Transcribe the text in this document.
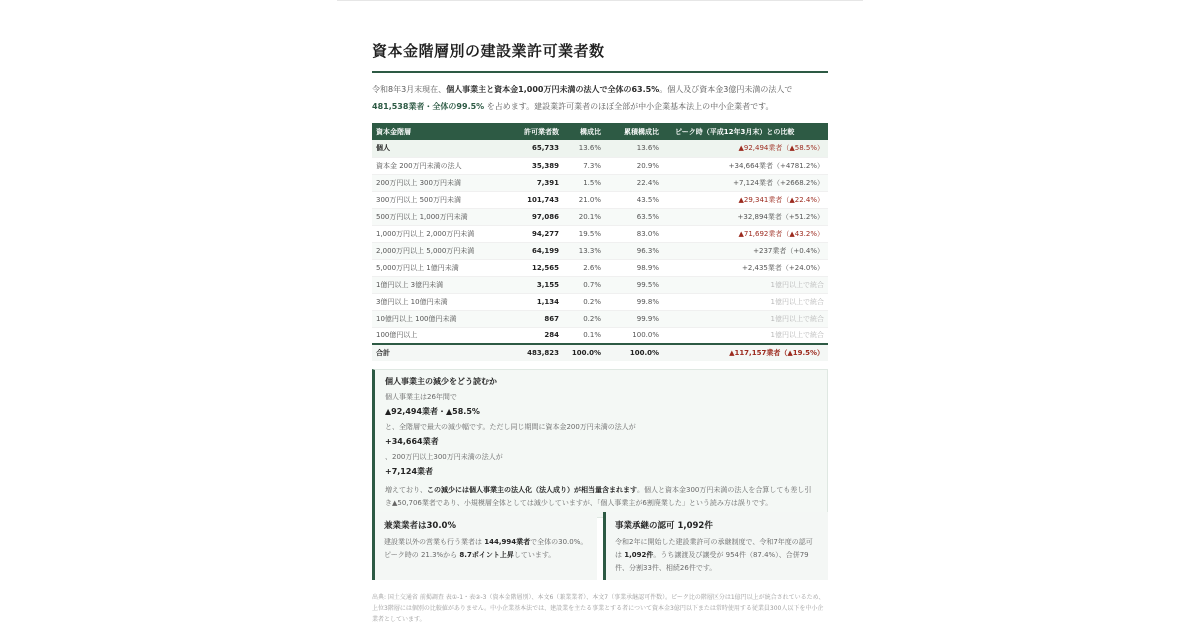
資本金階層別の建設業許可業者数

令和8年3月末現在、個人事業主と資本金1,000万円未満の法人で全体の63.5%。個人及び資本金3億円未満の法人で 481,538業者・全体の99.5% を占めます。建設業許可業者のほぼ全部が中小企業基本法上の中小企業者です。

資本金階層	許可業者数	構成比	累積構成比	ピーク時（平成12年3月末）との比較
個人	65,733	13.6%	13.6%	▲92,494業者（▲58.5%）
資本金 200万円未満の法人	35,389	7.3%	20.9%	+34,664業者（+4781.2%）
200万円以上 300万円未満	7,391	1.5%	22.4%	+7,124業者（+2668.2%）
300万円以上 500万円未満	101,743	21.0%	43.5%	▲29,341業者（▲22.4%）
500万円以上 1,000万円未満	97,086	20.1%	63.5%	+32,894業者（+51.2%）
1,000万円以上 2,000万円未満	94,277	19.5%	83.0%	▲71,692業者（▲43.2%）
2,000万円以上 5,000万円未満	64,199	13.3%	96.3%	+237業者（+0.4%）
5,000万円以上 1億円未満	12,565	2.6%	98.9%	+2,435業者（+24.0%）
1億円以上 3億円未満	3,155	0.7%	99.5%	1億円以上で統合
3億円以上 10億円未満	1,134	0.2%	99.8%	1億円以上で統合
10億円以上 100億円未満	867	0.2%	99.9%	1億円以上で統合
100億円以上	284	0.1%	100.0%	1億円以上で統合
合計	483,823	100.0%	100.0%	▲117,157業者（▲19.5%）
個人事業主の減少をどう読むか
個人事業主は26年間で
▲92,494業者・▲58.5%
と、全階層で最大の減少幅です。ただし同じ期間に資本金200万円未満の法人が
+34,664業者
、200万円以上300万円未満の法人が
+7,124業者

増えており、この減少には個人事業主の法人化（法人成り）が相当量含まれます。個人と資本金300万円未満の法人を合算しても差し引き▲50,706業者であり、小規模層全体としては減少していますが、「個人事業主が6割廃業した」という読み方は誤りです。

兼業業者は30.0%

建設業以外の営業も行う業者は 144,994業者で全体の30.0%。ピーク時の 21.3%から 8.7ポイント上昇しています。

事業承継の認可 1,092件

令和2年に開始した建設業許可の承継制度で、令和7年度の認可は 1,092件。うち譲渡及び譲受が 954件（87.4%）、合併79件、分割33件、相続26件です。

出典: 国土交通省 前掲調査 表①-1・表②-3（資本金階層別）、本文6（兼業業者）、本文7（事業承継認可件数）。ピーク比の階層区分は1億円以上が統合されているため、上位3階層には個別の比較値がありません。中小企業基本法では、建設業を主たる事業とする者について資本金3億円以下または常時使用する従業員300人以下を中小企業者としています。
